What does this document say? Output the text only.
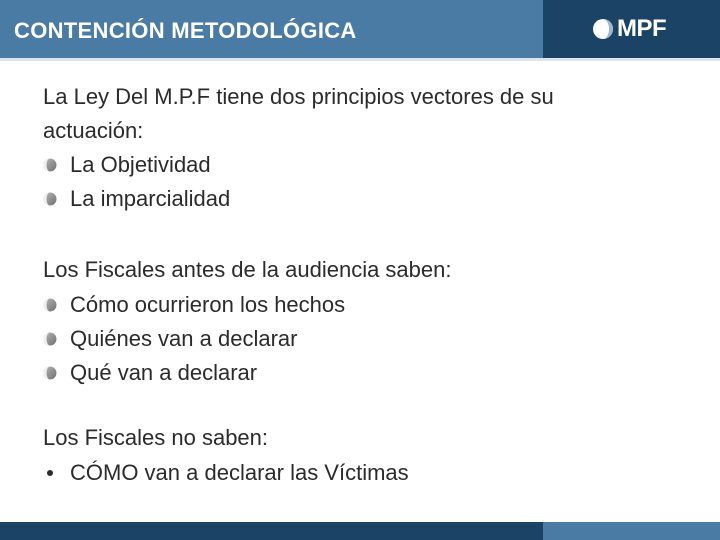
CONTENCIÓN METODOLÓGICA	MPF

La Ley Del M.P.F tiene dos principios vectores de su actuación:

La Objetividad
La imparcialidad

Los Fiscales antes de la audiencia saben:

Cómo ocurrieron los hechos
Quiénes van a declarar
Qué van a declarar

Los Fiscales no saben:

CÓMO van a declarar las Víctimas
